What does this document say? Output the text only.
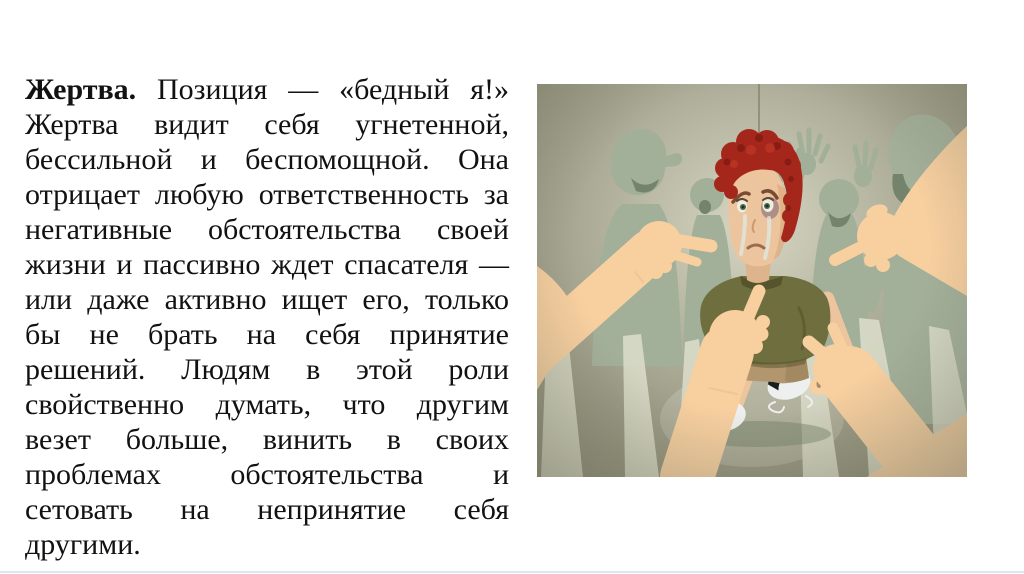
Жертва. Позиция — «бедный я!»
Жертва видит себя угнетенной,
бессильной и беспомощной. Она
отрицает любую ответственность за
негативные обстоятельства своей
жизни и пассивно ждет спасателя —
или даже активно ищет его, только
бы не брать на себя принятие
решений. Людям в этой роли
свойственно думать, что другим
везет больше, винить в своих
проблемах обстоятельства и
сетовать на непринятие себя
другими.
